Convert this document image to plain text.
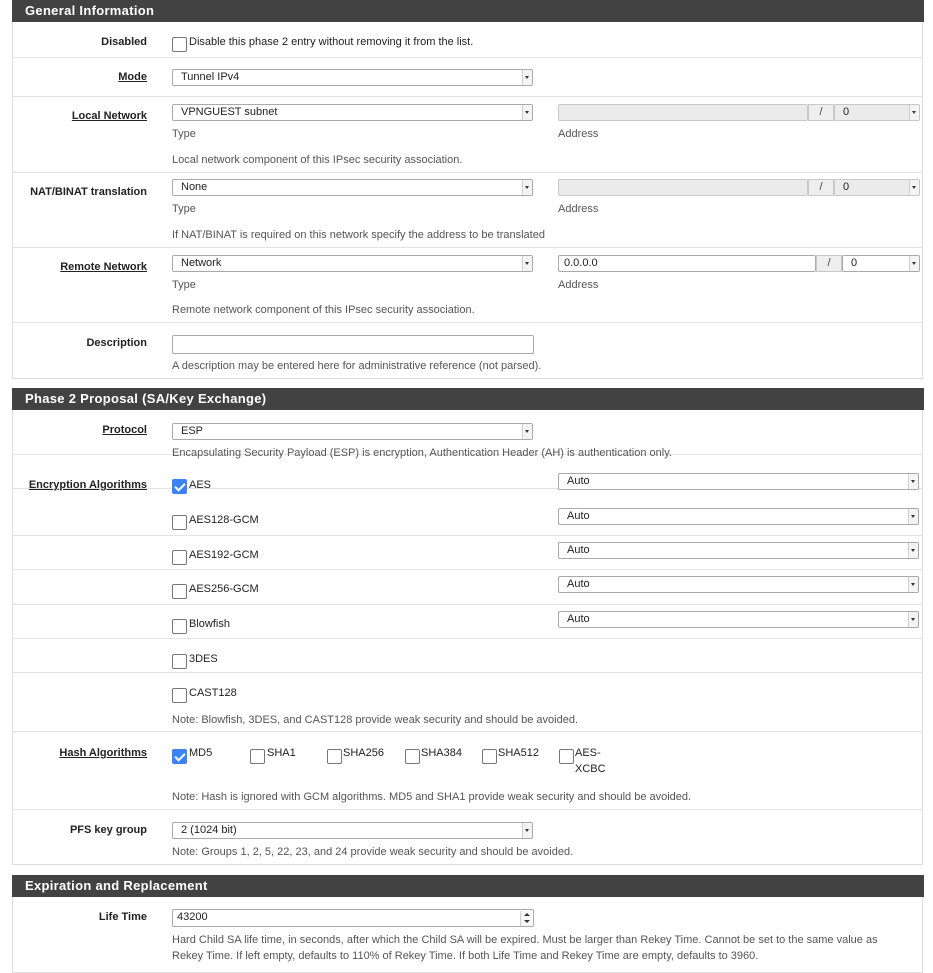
General Information
Disabled	Disable this phase 2 entry without removing it from the list.
Mode	Tunnel IPv4
Local Network	VPNGUEST subnet
Type
/	0
Address
Local network component of this IPsec security association.
NAT/BINAT translation	None
Type
/	0
Address
If NAT/BINAT is required on this network specify the address to be translated
Remote Network	Network
Type
0.0.0.0	/	0
Address
Remote network component of this IPsec security association.
Description
A description may be entered here for administrative reference (not parsed).
Phase 2 Proposal (SA/Key Exchange)
Protocol	ESP
Encapsulating Security Payload (ESP) is encryption, Authentication Header (AH) is authentication only.
Encryption Algorithms	AES	Auto
AES128-GCM	Auto
AES192-GCM	Auto
AES256-GCM	Auto
Blowfish	Auto
3DES
CAST128
Note: Blowfish, 3DES, and CAST128 provide weak security and should be avoided.
Hash Algorithms	MD5	SHA1	SHA256	SHA384	SHA512	AES-
XCBC
Note: Hash is ignored with GCM algorithms. MD5 and SHA1 provide weak security and should be avoided.
PFS key group	2 (1024 bit)
Note: Groups 1, 2, 5, 22, 23, and 24 provide weak security and should be avoided.
Expiration and Replacement
Life Time	43200
Hard Child SA life time, in seconds, after which the Child SA will be expired. Must be larger than Rekey Time. Cannot be set to the same value as
Rekey Time. If left empty, defaults to 110% of Rekey Time. If both Life Time and Rekey Time are empty, defaults to 3960.
